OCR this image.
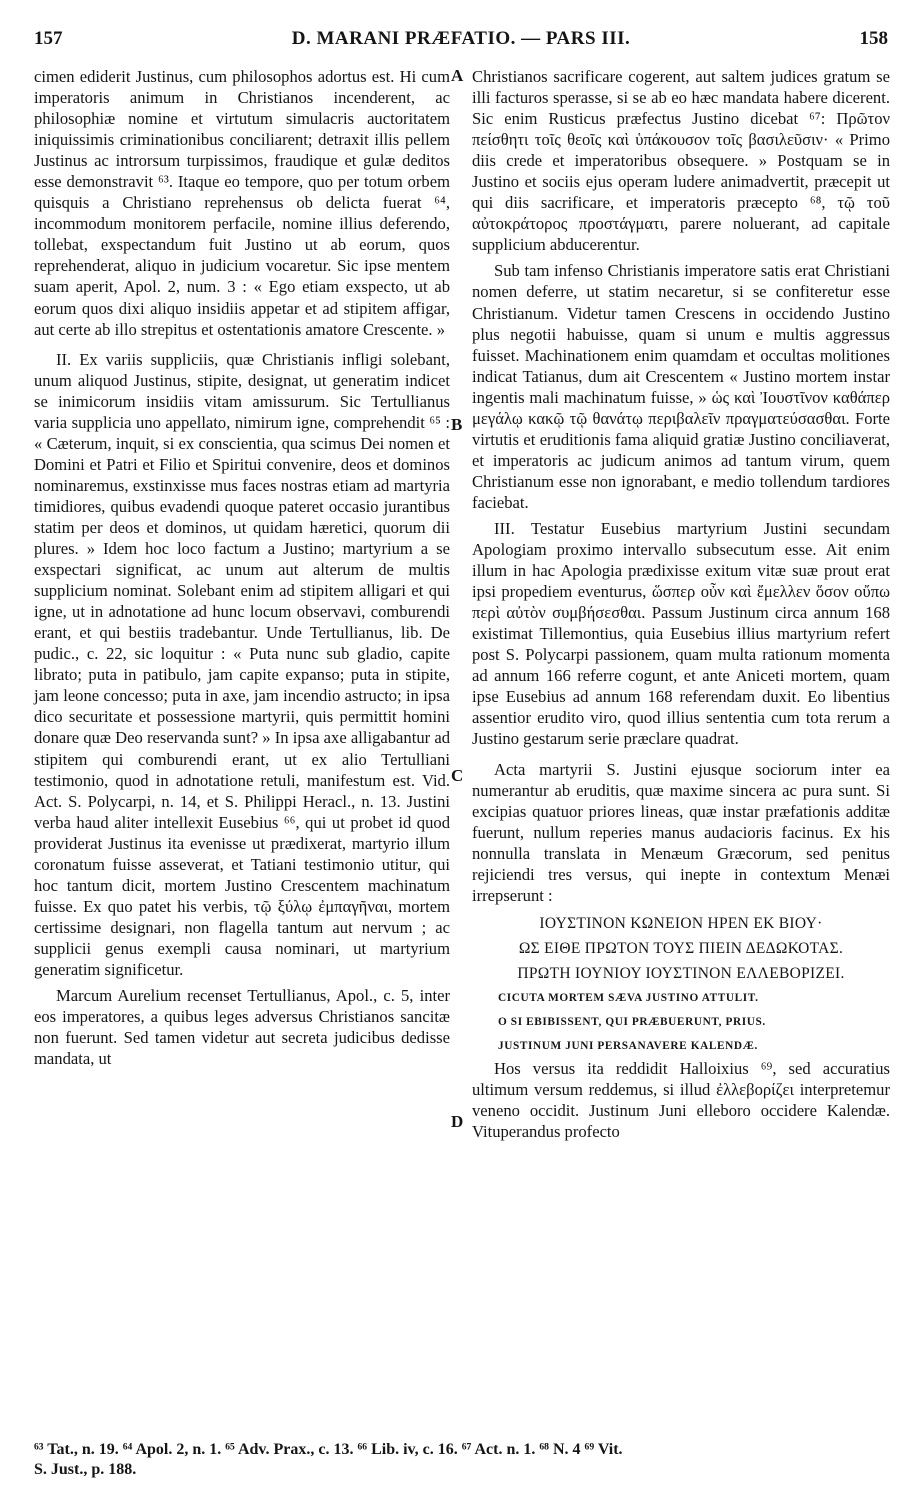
157	D. MARANI PRÆFATIO. — PARS III.	158
A
B
C
D

cimen ediderit Justinus, cum philosophos adortus est. Hi cum imperatoris animum in Christianos incenderent, ac philosophiæ nomine et virtutum simulacris auctoritatem iniquissimis criminationibus conciliarent; detraxit illis pellem Justinus ac introrsum turpissimos, fraudique et gulæ deditos esse demonstravit ⁶³. Itaque eo tempore, quo per totum orbem quisquis a Christiano reprehensus ob delicta fuerat ⁶⁴, incommodum monitorem perfacile, nomine illius deferendo, tollebat, exspectandum fuit Justino ut ab eorum, quos reprehenderat, aliquo in judicium vocaretur. Sic ipse mentem suam aperit, Apol. 2, num. 3 : « Ego etiam exspecto, ut ab eorum quos dixi aliquo insidiis appetar et ad stipitem affigar, aut certe ab illo strepitus et ostentationis amatore Crescente. »

II. Ex variis suppliciis, quæ Christianis infligi solebant, unum aliquod Justinus, stipite, designat, ut generatim indicet se inimicorum insidiis vitam amissurum. Sic Tertullianus varia supplicia uno appellato, nimirum igne, comprehendit ⁶⁵ : « Cæterum, inquit, si ex conscientia, qua scimus Dei nomen et Domini et Patri et Filio et Spiritui convenire, deos et dominos nominaremus, exstinxisse mus faces nostras etiam ad martyria timidiores, quibus evadendi quoque pateret occasio jurantibus statim per deos et dominos, ut quidam hæretici, quorum dii plures. » Idem hoc loco factum a Justino; martyrium a se exspectari significat, ac unum aut alterum de multis supplicium nominat. Solebant enim ad stipitem alligari et qui igne, ut in adnotatione ad hunc locum observavi, comburendi erant, et qui bestiis tradebantur. Unde Tertullianus, lib. De pudic., c. 22, sic loquitur : « Puta nunc sub gladio, capite librato; puta in patibulo, jam capite expanso; puta in stipite, jam leone concesso; puta in axe, jam incendio astructo; in ipsa dico securitate et possessione martyrii, quis permittit homini donare quæ Deo reservanda sunt? » In ipsa axe alligabantur ad stipitem qui comburendi erant, ut ex alio Tertulliani testimonio, quod in adnotatione retuli, manifestum est. Vid. Act. S. Polycarpi, n. 14, et S. Philippi Heracl., n. 13. Justini verba haud aliter intellexit Eusebius ⁶⁶, qui ut probet id quod providerat Justinus ita evenisse ut prædixerat, martyrio illum coronatum fuisse asseverat, et Tatiani testimonio utitur, qui hoc tantum dicit, mortem Justino Crescentem machinatum fuisse. Ex quo patet his verbis, τῷ ξύλῳ ἐμπαγῆναι, mortem certissime designari, non flagella tantum aut nervum ; ac supplicii genus exempli causa nominari, ut martyrium generatim significetur.

Marcum Aurelium recenset Tertullianus, Apol., c. 5, inter eos imperatores, a quibus leges adversus Christianos sancitæ non fuerunt. Sed tamen videtur aut secreta judicibus dedisse mandata, ut

Christianos sacrificare cogerent, aut saltem judices gratum se illi facturos sperasse, si se ab eo hæc mandata habere dicerent. Sic enim Rusticus præfectus Justino dicebat ⁶⁷: Πρῶτον πείσθητι τοῖς θεοῖς καὶ ὑπάκουσον τοῖς βασιλεῦσιν· « Primo diis crede et imperatoribus obsequere. » Postquam se in Justino et sociis ejus operam ludere animadvertit, præcepit ut qui diis sacrificare, et imperatoris præcepto ⁶⁸, τῷ τοῦ αὐτοκράτορος προστάγματι, parere noluerant, ad capitale supplicium abducerentur.

Sub tam infenso Christianis imperatore satis erat Christiani nomen deferre, ut statim necaretur, si se confiteretur esse Christianum. Videtur tamen Crescens in occidendo Justino plus negotii habuisse, quam si unum e multis aggressus fuisset. Machinationem enim quamdam et occultas molitiones indicat Tatianus, dum ait Crescentem « Justino mortem instar ingentis mali machinatum fuisse, » ὡς καὶ Ἰουστῖνον καθάπερ μεγάλῳ κακῷ τῷ θανάτῳ περιβαλεῖν πραγματεύσασθαι. Forte virtutis et eruditionis fama aliquid gratiæ Justino conciliaverat, et imperatoris ac judicum animos ad tantum virum, quem Christianum esse non ignorabant, e medio tollendum tardiores faciebat.

III. Testatur Eusebius martyrium Justini secundam Apologiam proximo intervallo subsecutum esse. Ait enim illum in hac Apologia prædixisse exitum vitæ suæ prout erat ipsi propediem eventurus, ὥσπερ οὖν καὶ ἔμελλεν ὅσον οὔπω περὶ αὐτὸν συμβήσεσθαι. Passum Justinum circa annum 168 existimat Tillemontius, quia Eusebius illius martyrium refert post S. Polycarpi passionem, quam multa rationum momenta ad annum 166 referre cogunt, et ante Aniceti mortem, quam ipse Eusebius ad annum 168 referendam duxit. Eo libentius assentior erudito viro, quod illius sententia cum tota rerum a Justino gestarum serie præclare quadrat.

Acta martyrii S. Justini ejusque sociorum inter ea numerantur ab eruditis, quæ maxime sincera ac pura sunt. Si excipias quatuor priores lineas, quæ instar præfationis additæ fuerunt, nullum reperies manus audacioris facinus. Ex his nonnulla translata in Menæum Græcorum, sed penitus rejiciendi tres versus, qui inepte in contextum Menæi irrepserunt :

ΙΟΥΣΤΙΝΟΝ ΚΩΝΕΙΟΝ ΗΡΕΝ ΕΚ ΒΙΟΥ·
ΩΣ ΕΙΘΕ ΠΡΩΤΟΝ ΤΟΥΣ ΠΙΕΙΝ ΔΕΔΩΚΟΤΑΣ.
ΠΡΩΤΗ ΙΟΥΝΙΟΥ ΙΟΥΣΤΙΝΟΝ ΕΛΛΕΒΟΡΙΖΕΙ.
CICUTA MORTEM SÆVA JUSTINO ATTULIT.
O SI EBIBISSENT, QUI PRÆBUERUNT, PRIUS.
JUSTINUM JUNI PERSANAVERE KALENDÆ.

Hos versus ita reddidit Halloixius ⁶⁹, sed accuratius ultimum versum reddemus, si illud ἐλλεβορίζει interpretemur veneno occidit. Justinum Juni elleboro occidere Kalendæ. Vituperandus profecto

⁶³ Tat., n. 19. ⁶⁴ Apol. 2, n. 1. ⁶⁵ Adv. Prax., c. 13. ⁶⁶ Lib. iv, c. 16. ⁶⁷ Act. n. 1. ⁶⁸ N. 4 ⁶⁹ Vit.
S. Just., p. 188.
